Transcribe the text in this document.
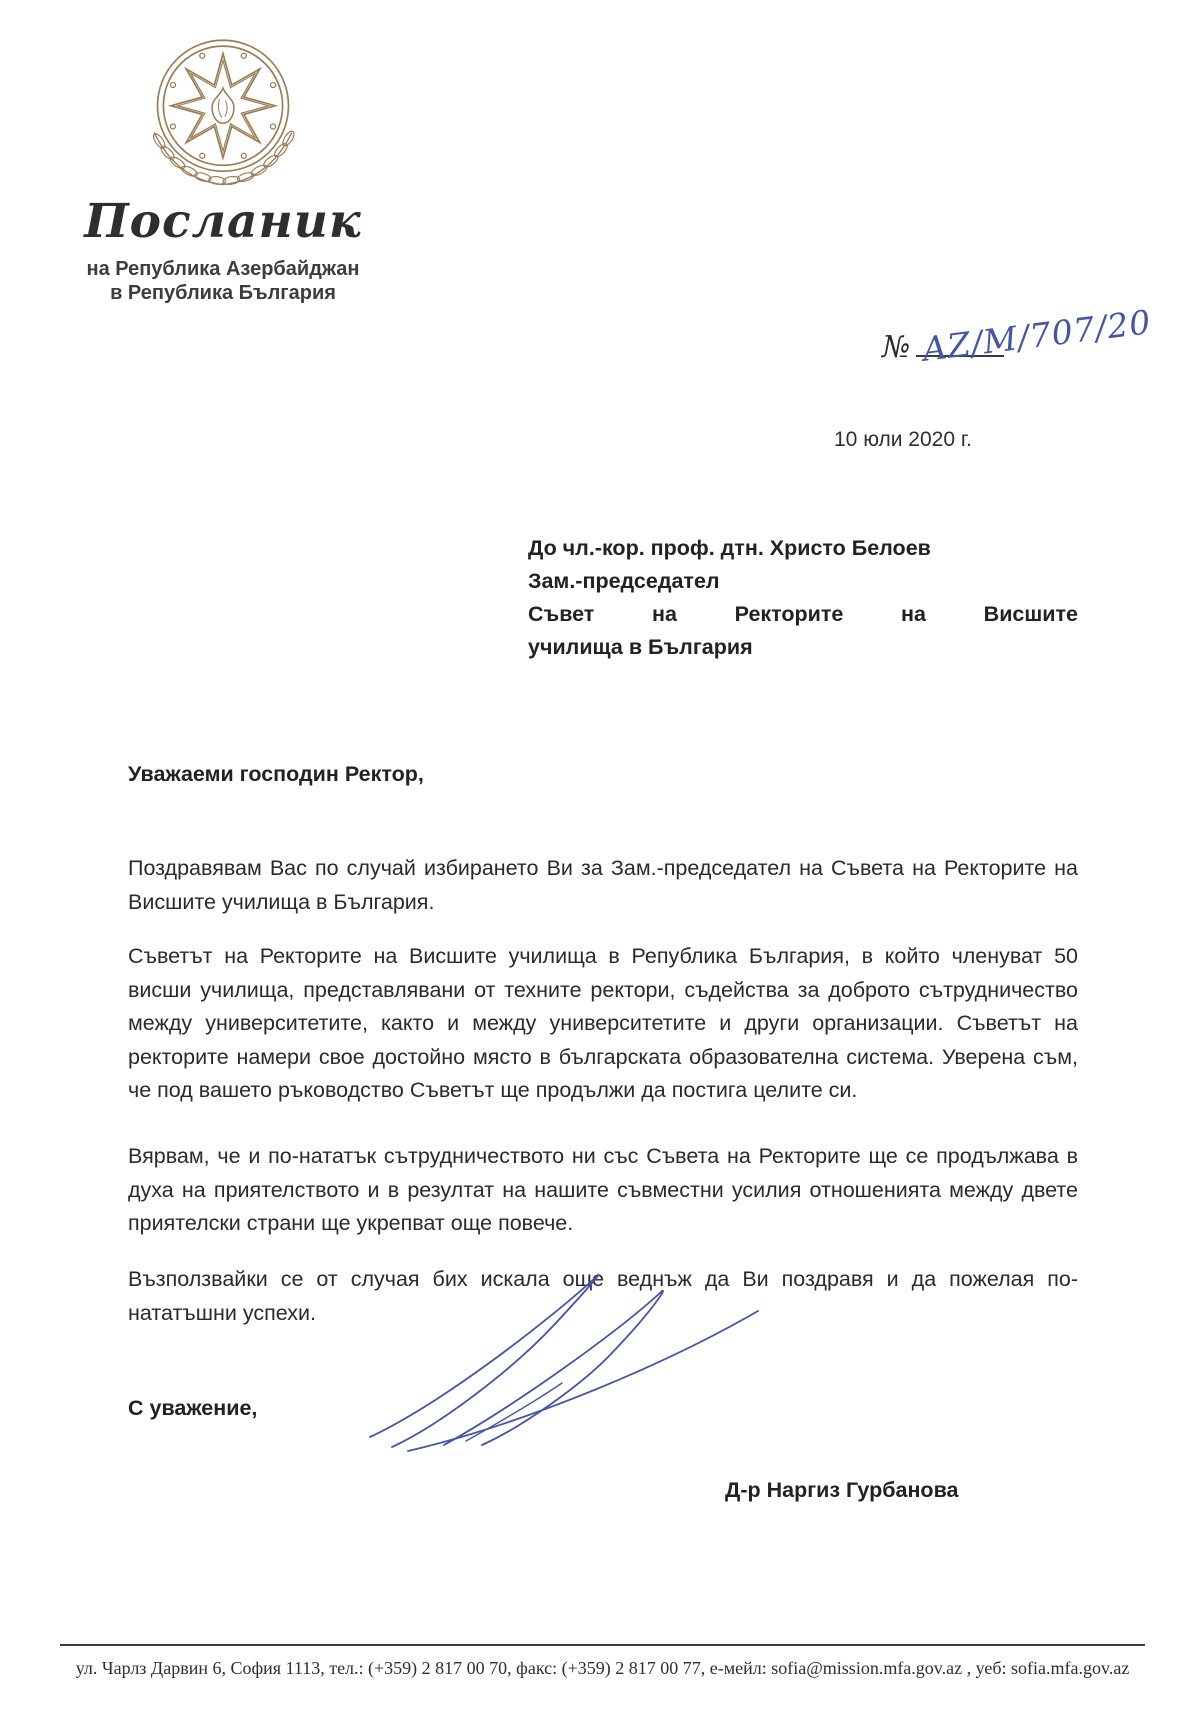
Посланик
на Република Азербайджан
в Република България
№ AZ/M/707/20
10 юли 2020 г.
До чл.-кор. проф. дтн. Христо Белоев
Зам.-председател
Съвет на Ректорите на Висшите
училища в България
Уважаеми господин Ректор,
Поздравявам Вас по случай избирането Ви за Зам.-председател на Съвета на Ректорите на Висшите училища в България.
Съветът на Ректорите на Висшите училища в Република България, в който членуват 50 висши училища, представлявани от техните ректори, съдейства за доброто сътрудничество между университетите, както и между университетите и други организации. Съветът на ректорите намери свое достойно място в българската образователна система. Уверена съм, че под вашето ръководство Съветът ще продължи да постига целите си.
Вярвам, че и по-нататък сътрудничеството ни със Съвета на Ректорите ще се продължава в духа на приятелството и в резултат на нашите съвместни усилия отношенията между двете приятелски страни ще укрепват още повече.
Възползвайки се от случая бих искала още веднъж да Ви поздравя и да пожелая по-нататъшни успехи.
С уважение,
Д-р Наргиз Гурбанова
ул. Чарлз Дарвин 6, София 1113, тел.: (+359) 2 817 00 70, факс: (+359) 2 817 00 77, е-мейл: sofia@mission.mfa.gov.az , уеб: sofia.mfa.gov.az
